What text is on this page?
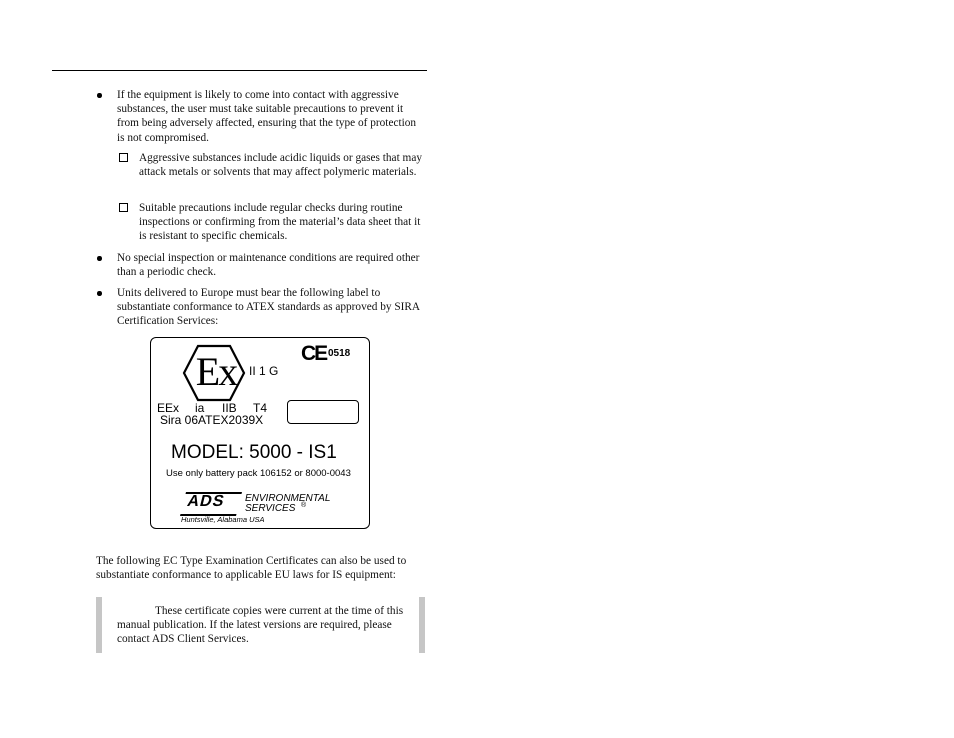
If the equipment is likely to come into contact with aggressive substances, the user must take suitable precautions to prevent it from being adversely affected, ensuring that the type of protection is not compromised.

Aggressive substances include acidic liquids or gases that may attack metals or solvents that may affect polymeric materials.

Suitable precautions include regular checks during routine inspections or confirming from the material’s data sheet that it is resistant to specific chemicals.

No special inspection or maintenance conditions are required other than a periodic check.

Units delivered to Europe must bear the following label to substantiate conformance to ATEX standards as approved by SIRA Certification Services:

Ex	II 1 G
CE 0518
EEx ia IIB T4
Sira 06ATEX2039X
MODEL: 5000 - IS1
Use only battery pack 106152 or 8000-0043
ADS ENVIRONMENTAL
SERVICES ®
Huntsville, Alabama USA

The following EC Type Examination Certificates can also be used to substantiate conformance to applicable EU laws for IS equipment:

These certificate copies were current at the time of this manual publication. If the latest versions are required, please contact ADS Client Services.
